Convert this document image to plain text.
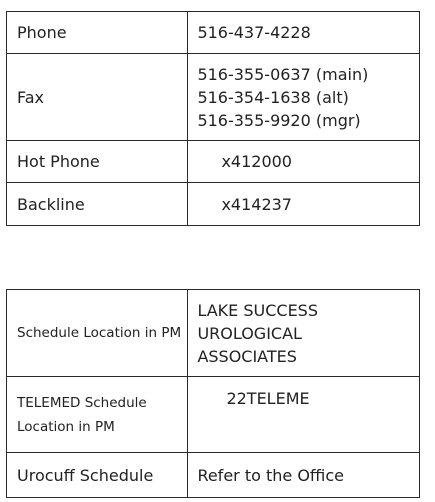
Phone	516-437-4228
Fax	516-355-0637 (main)
516-354-1638 (alt)
516-355-9920 (mgr)

Hot Phone	x412000
Backline	x414237
Schedule Location in PM	LAKE SUCCESS
UROLOGICAL
ASSOCIATES

TELEMED Schedule Location in PM	22TELEME
Urocuff Schedule	Refer to the Office
